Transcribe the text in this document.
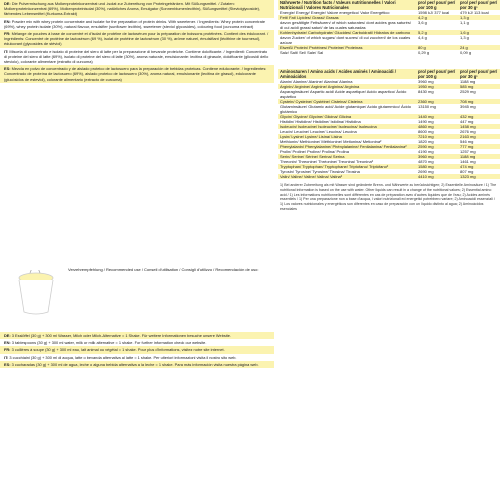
DE: Die Pulvermischung aus Molkenproteinkonzentrat und -isolat zur Zubereitung von Proteingetränken. Mit Süßungsmittel. / Zutaten: Molkenproteinkonzentrat (69%), Molkenproteinisolat (30%), natürliches Aroma, Emulgator (Sonnenblumenlecithin), Süßungsmittel (Steviolglycoside), färbendes Lebensmittel (Kurkuma-Extrakt)
EN: Powder mix with whey protein concentrate and isolate for the preparation of protein drinks. With sweetener. / Ingredients: Whey protein concentrate (69%), whey protein isolate (30%), natural flavour, emulsifier (sunflower lecithin), sweetener (steviol glycosides), colouring food (curcuma extract)
FR: Mélange de poudres à base de concentré et d'isolat de protéine de lactosérum pour la préparation de boissons protéinées. Contient des édulcorant. / Ingrédients: Concentré de protéine de lactosérum (69 %), isolat de protéine de lactosérum (30 %), arôme naturel, émulsifiant (lécithine de tournesol), édulcorant (glycosides de stéviol)
IT: Miscela di concentrato e isolato di proteine del siero di latte per la preparazione di bevande proteiche. Contiene dolcificante. / Ingredienti: Concentrato di proteine del siero di latte (69%), isolato di proteine del siero di latte (30%), aroma naturale, emulsionante: lecitina di girasole, dolcificante (glicosidi dello steviolo), colorante alimentare (estratto di curcuma)
ES: Mezcla en polvo de concentrado y de aislado proteico de lactosuero para la preparación de bebidas proteicas. Contiene edulcorante. / Ingredientes: Concentrado de proteína de lactosuero (69%), aislado proteico de lactosuero (30%), aroma natural, emulsionante (lecitina de girasol), edulcorante (glucósidos de esteviol), colorante alimentario (extracto de curcuma)
Verzehrempfehlung / Recommended use / Conseil d'utilisation / Consigli d'utilizzo / Recomendación de uso:
DE: 3 Esslöffel (30 g) + 300 ml Wasser, Milch oder Milch-Alternative = 1 Shake. Für weitere Informationen besuche unsere Website.
EN: 3 tablespoons (30 g) + 300 ml water, milk or milk alternative = 1 shake. For further information check our website.
FR: 3 cuillères à soupe (30 g) + 300 ml eau, lait animal ou végétal = 1 shake. Pour plus d'informations, visitez notre site internet.
IT: 3 cucchiaini (30 g) + 300 ml di acqua, latte o bevanda alternativa al latte = 1 shake. Per ulteriori informazioni visita il nostro sito web.
ES: 3 cucharadas (30 g) + 300 ml de agua, leche o alguna bebida alternativa a la leche = 1 shake. Para más información visita nuestra página web.
Nährwerte / Nutrition facts / Valeurs nutritionnelles / Valori Nutrizionali / Valores Nutricionales	pro/ per/ pour/ per/ por 100 g	pro/ per/ pour/ per/ por 30 g¹
Energie/ Energy/ Energie/ Valore energetico/ Valor Energético	1598 kJ/ 377 kcal	479 kJ/ 113 kcal
Fett/ Fat/ Lipides/ Grassi/ Grasas	4,2 g	1,3 g
davon gesättigte Fettsäuren/ of which saturates/ dont acides gras saturés/ di cui acidi grassi saturi/ de las cuales saturadas	3,6 g	1,1 g
Kohlenhydrate/ Carbohydrate/ Glucides/ Carboidrati/ Hidratos de carbono	5,2 g	1,6 g
davon Zucker/ of which sugars/ dont sucres/ di cui zuccheri/ de los cuales azúcar	4,4 g	1,3 g
Eiweiß/ Protein/ Protéines/ Proteine/ Proteínas	80 g	24 g
Salz/ Salt/ Sel/ Sale/ Sal	0,29 g	0,09 g
Aminosäuren / Amino acids / Acides aminés / Aminoacidi / Aminoácidos	pro/ per/ pour/ per/ por 100 g	pro/ per/ pour/ per/ por 30 g¹
Alanin/ Alanine/ Alanine/ Alanina/ Alanina	3960 mg	1188 mg
Arginin/ Arginine/ Arginine/ Arginina/ Arginina	1950 mg	585 mg
Asparaginsäure/ Aspartic acid/ Acide aspartique/ Acido aspartico/ Ácido aspártico	8430 mg	2529 mg
Cystein/ Cysteine/ Cystéine/ Cisteina/ Cisteína	2360 mg	708 mg
Glutaminsäure/ Glutamic acid/ Acide glutamique/ Acido glutammico/ Ácido glutámico	13150 mg	3945 mg
Glycin/ Glycine/ Glycine/ Glicina/ Glicina	1440 mg	432 mg
Histidin/ Histidine/ Histidine/ Istidina/ Histidina	1490 mg	447 mg
Isoleucin/ Isoleucine/ Isoleucine/ Isoleucina/ Isoleucina	4860 mg	1458 mg
Leucin/ Leucine/ Leucine/ Leucina/ Leucina	8600 mg	2676 mg
Lysin/ Lysine/ Lysine/ Lisina/ Lisina	7210 mg	2163 mg
Methionin/ Methionine/ Méthionine/ Metionina/ Metionina²	1820 mg	546 mg
Phenylalanin/ Phenylalanine/ Phénylalanine/ Fenilalanina/ Fenilalanina²	2590 mg	777 mg
Prolin/ Proline/ Proline/ Prolina/ Prolina	4190 mg	1257 mg
Serin/ Serine/ Sérine/ Serina/ Serina	3960 mg	1188 mg
Threonin/ Threonine/ Thréonine/ Treonina/ Treonina²	4870 mg	1461 mg
Tryptophan/ Tryptophan/ Tryptophane/ Triptofano/ Triptófano²	1580 mg	474 mg
Tyrosin/ Tyrosine/ Tyrosine/ Tirosina/ Tirosina	2690 mg	807 mg
Valin/ Valine/ Valine/ Valina/ Valina²	4410 mg	1323 mg
1) Bei anderer Zubereitung als mit Wasser sind geänderte Brenn- und Nährwerte zu berücksichtigen; 2) Essentielle Aminosäure / 1) The nutritional information is based on the use with water. Other liquids can result in a change of the nutritional values; 2) Essential amino acid / 1) Les informations nutritionnelles sont différentes en cas de préparation avec d'autres liquides que de l'eau; 2) Acides aminés essentiels / 1) Per una preparazione non a base d'acqua, i valori nutrizionali ed energetici potrebbero variare; 2) Aminoacidi essenziali / 1) Los valores nutricionales y energéticos son diferentes en caso de preparación con un líquido distinto al agua; 2) Aminoácidos esenciales
